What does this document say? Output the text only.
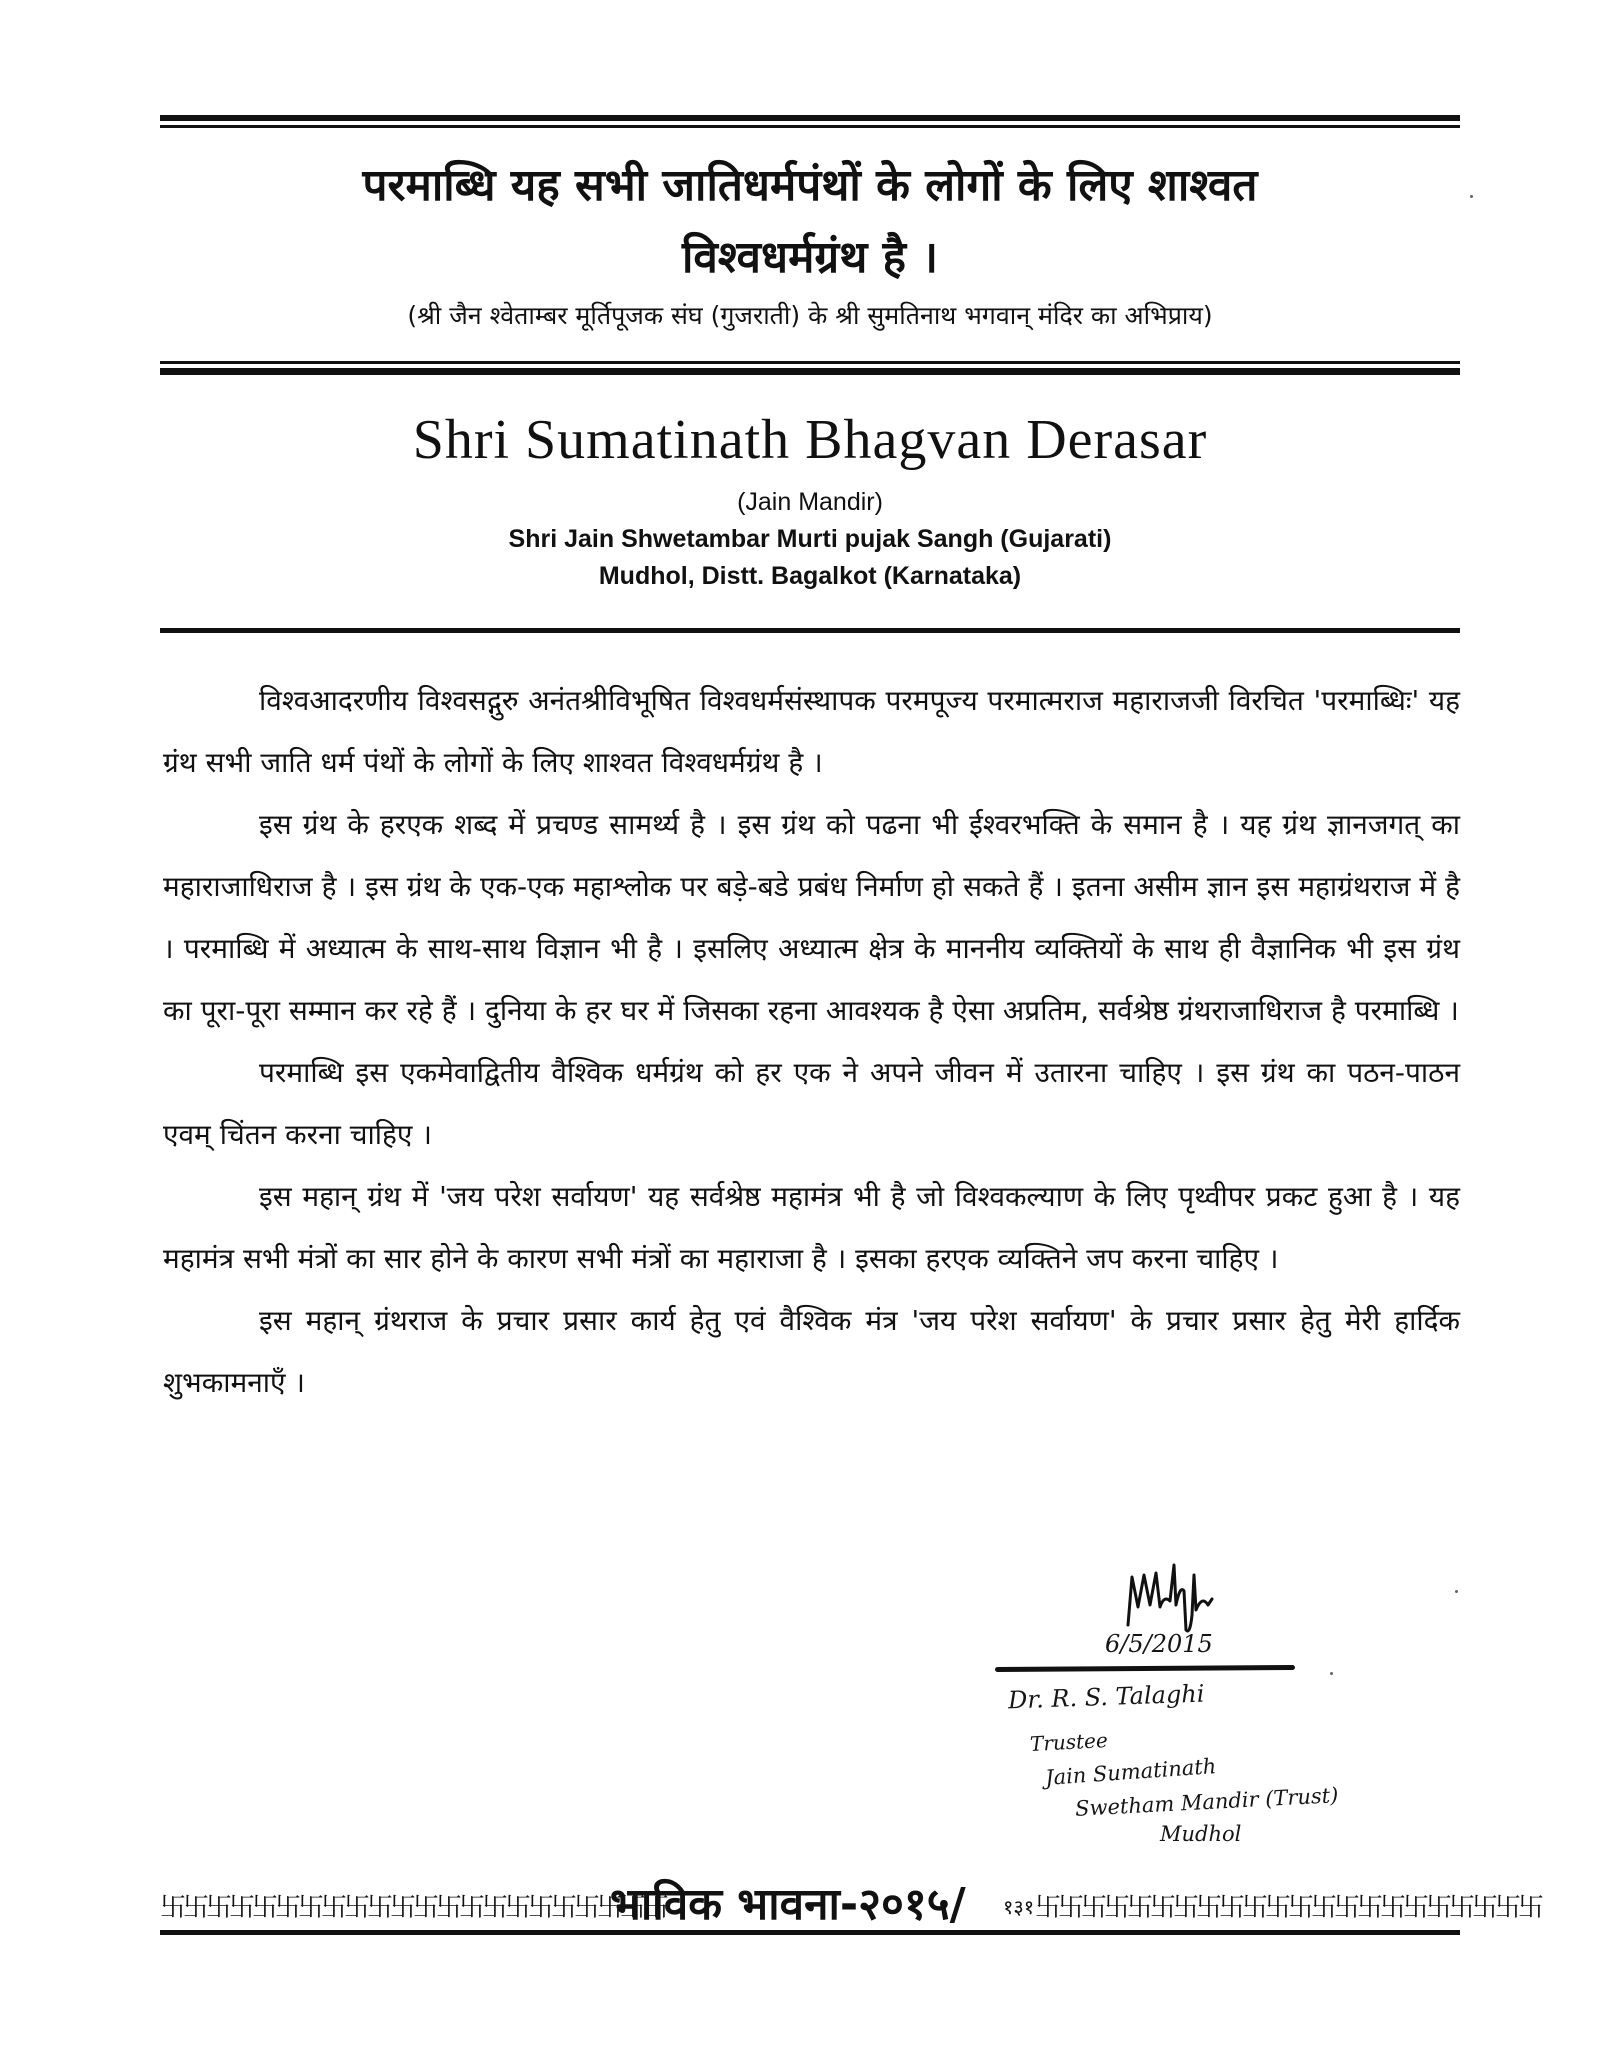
परमाब्धि यह सभी जातिधर्मपंथों के लोगों के लिए शाश्वत
विश्वधर्मग्रंथ है ।
(श्री जैन श्वेताम्बर मूर्तिपूजक संघ (गुजराती) के श्री सुमतिनाथ भगवान् मंदिर का अभिप्राय)
Shri Sumatinath Bhagvan Derasar
(Jain Mandir)
Shri Jain Shwetambar Murti pujak Sangh (Gujarati)
Mudhol, Distt. Bagalkot (Karnataka)

विश्वआदरणीय विश्वसद्गुरु अनंतश्रीविभूषित विश्वधर्मसंस्थापक परमपूज्य परमात्मराज महाराजजी विरचित 'परमाब्धिः' यह ग्रंथ सभी जाति धर्म पंथों के लोगों के लिए शाश्वत विश्वधर्मग्रंथ है ।

इस ग्रंथ के हरएक शब्द में प्रचण्ड सामर्थ्य है । इस ग्रंथ को पढना भी ईश्वरभक्ति के समान है । यह ग्रंथ ज्ञानजगत् का महाराजाधिराज है । इस ग्रंथ के एक-एक महाश्लोक पर बड़े-बडे प्रबंध निर्माण हो सकते हैं । इतना असीम ज्ञान इस महाग्रंथराज में है । परमाब्धि में अध्यात्म के साथ-साथ विज्ञान भी है । इसलिए अध्यात्म क्षेत्र के माननीय व्यक्तियों के साथ ही वैज्ञानिक भी इस ग्रंथ का पूरा-पूरा सम्मान कर रहे हैं । दुनिया के हर घर में जिसका रहना आवश्यक है ऐसा अप्रतिम, सर्वश्रेष्ठ ग्रंथराजाधिराज है परमाब्धि ।

परमाब्धि इस एकमेवाद्वितीय वैश्विक धर्मग्रंथ को हर एक ने अपने जीवन में उतारना चाहिए । इस ग्रंथ का पठन-पाठन एवम् चिंतन करना चाहिए ।

इस महान् ग्रंथ में 'जय परेश सर्वायण' यह सर्वश्रेष्ठ महामंत्र भी है जो विश्वकल्याण के लिए पृथ्वीपर प्रकट हुआ है । यह महामंत्र सभी मंत्रों का सार होने के कारण सभी मंत्रों का महाराजा है । इसका हरएक व्यक्तिने जप करना चाहिए ।

इस महान् ग्रंथराज के प्रचार प्रसार कार्य हेतु एवं वैश्विक मंत्र 'जय परेश सर्वायण' के प्रचार प्रसार हेतु मेरी हार्दिक शुभकामनाएँ ।

6/5/2015
Dr. R. S. Talaghi
Trustee
Jain Sumatinath
Swetham Mandir (Trust)
Mudhol
卐卐卐卐卐卐卐卐卐卐卐卐卐卐卐卐卐卐卐卐卐卐
भाविक भावना-२०१५/ १३१ 卐卐卐卐卐卐卐卐卐卐卐卐卐卐卐卐卐卐卐卐卐卐
